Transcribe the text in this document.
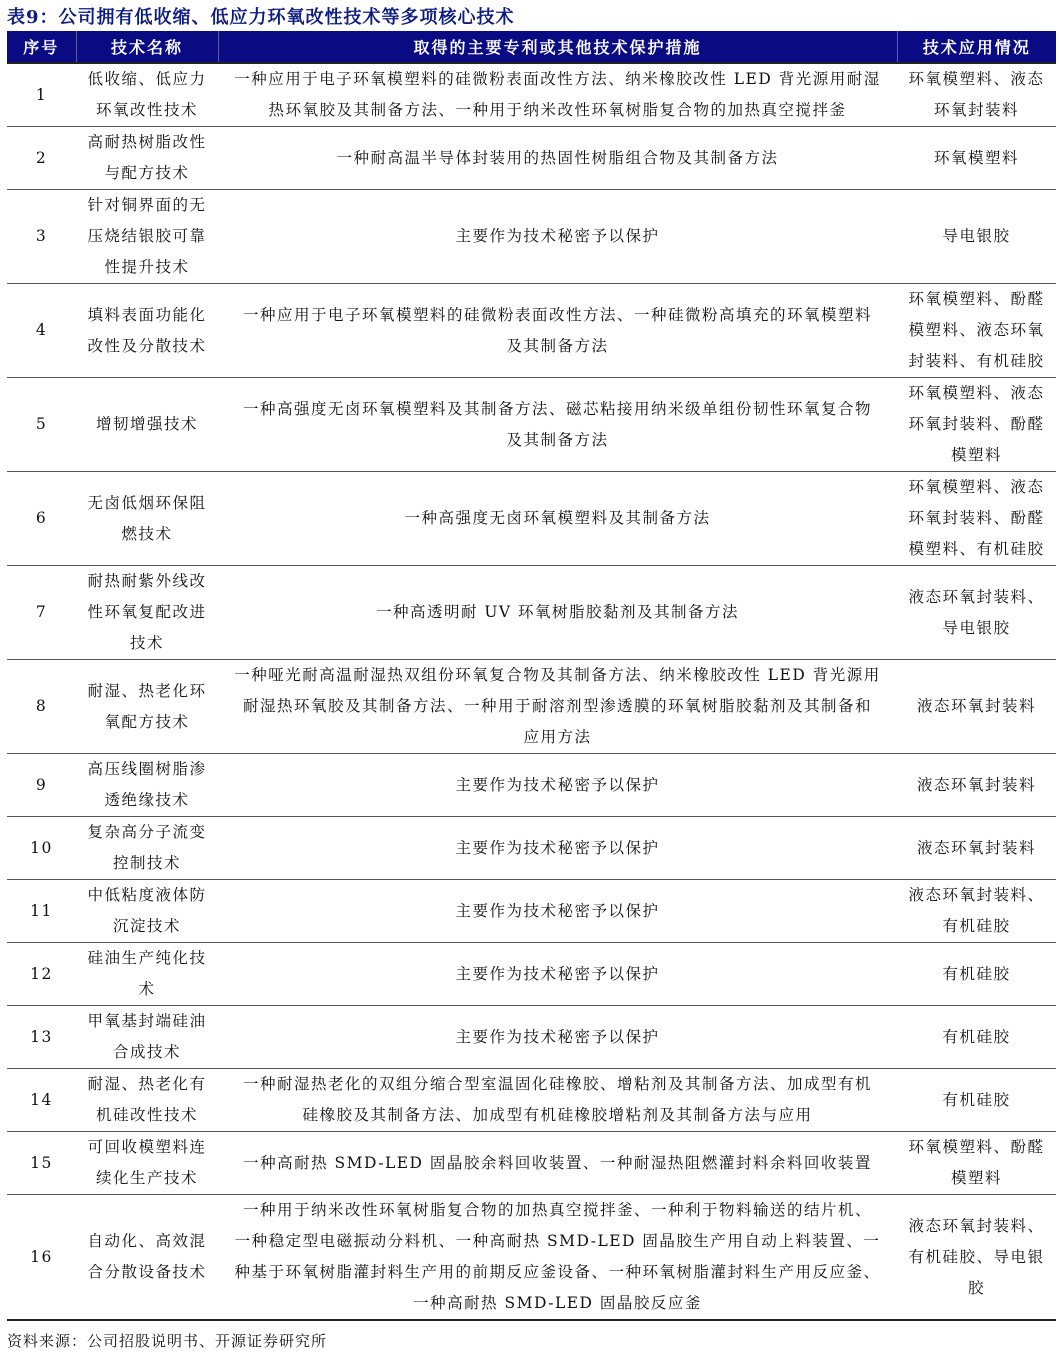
表9：公司拥有低收缩、低应力环氧改性技术等多项核心技术
序号	技术名称	取得的主要专利或其他技术保护措施	技术应用情况
1	低收缩、低应力
环氧改性技术	一种应用于电子环氧模塑料的硅微粉表面改性方法、纳米橡胶改性 LED 背光源用耐湿
热环氧胶及其制备方法、一种用于纳米改性环氧树脂复合物的加热真空搅拌釜	环氧模塑料、液态
环氧封装料
2	高耐热树脂改性
与配方技术	一种耐高温半导体封装用的热固性树脂组合物及其制备方法	环氧模塑料
3	针对铜界面的无
压烧结银胶可靠
性提升技术	主要作为技术秘密予以保护	导电银胶
4	填料表面功能化
改性及分散技术	一种应用于电子环氧模塑料的硅微粉表面改性方法、一种硅微粉高填充的环氧模塑料
及其制备方法	环氧模塑料、酚醛
模塑料、液态环氧
封装料、有机硅胶
5	增韧增强技术	一种高强度无卤环氧模塑料及其制备方法、磁芯粘接用纳米级单组份韧性环氧复合物
及其制备方法	环氧模塑料、液态
环氧封装料、酚醛
模塑料
6	无卤低烟环保阻
燃技术	一种高强度无卤环氧模塑料及其制备方法	环氧模塑料、液态
环氧封装料、酚醛
模塑料、有机硅胶
7	耐热耐紫外线改
性环氧复配改进
技术	一种高透明耐 UV 环氧树脂胶黏剂及其制备方法	液态环氧封装料、
导电银胶
8	耐湿、热老化环
氧配方技术	一种哑光耐高温耐湿热双组份环氧复合物及其制备方法、纳米橡胶改性 LED 背光源用
耐湿热环氧胶及其制备方法、一种用于耐溶剂型渗透膜的环氧树脂胶黏剂及其制备和
应用方法	液态环氧封装料
9	高压线圈树脂渗
透绝缘技术	主要作为技术秘密予以保护	液态环氧封装料
10	复杂高分子流变
控制技术	主要作为技术秘密予以保护	液态环氧封装料
11	中低粘度液体防
沉淀技术	主要作为技术秘密予以保护	液态环氧封装料、
有机硅胶
12	硅油生产纯化技
术	主要作为技术秘密予以保护	有机硅胶
13	甲氧基封端硅油
合成技术	主要作为技术秘密予以保护	有机硅胶
14	耐湿、热老化有
机硅改性技术	一种耐湿热老化的双组分缩合型室温固化硅橡胶、增粘剂及其制备方法、加成型有机
硅橡胶及其制备方法、加成型有机硅橡胶增粘剂及其制备方法与应用	有机硅胶
15	可回收模塑料连
续化生产技术	一种高耐热 SMD-LED 固晶胶余料回收装置、一种耐湿热阻燃灌封料余料回收装置	环氧模塑料、酚醛
模塑料
16	自动化、高效混
合分散设备技术	一种用于纳米改性环氧树脂复合物的加热真空搅拌釜、一种利于物料输送的结片机、
一种稳定型电磁振动分料机、一种高耐热 SMD-LED 固晶胶生产用自动上料装置、一
种基于环氧树脂灌封料生产用的前期反应釜设备、一种环氧树脂灌封料生产用反应釜、
一种高耐热 SMD-LED 固晶胶反应釜	液态环氧封装料、
有机硅胶、导电银
胶
资料来源：公司招股说明书、开源证券研究所
